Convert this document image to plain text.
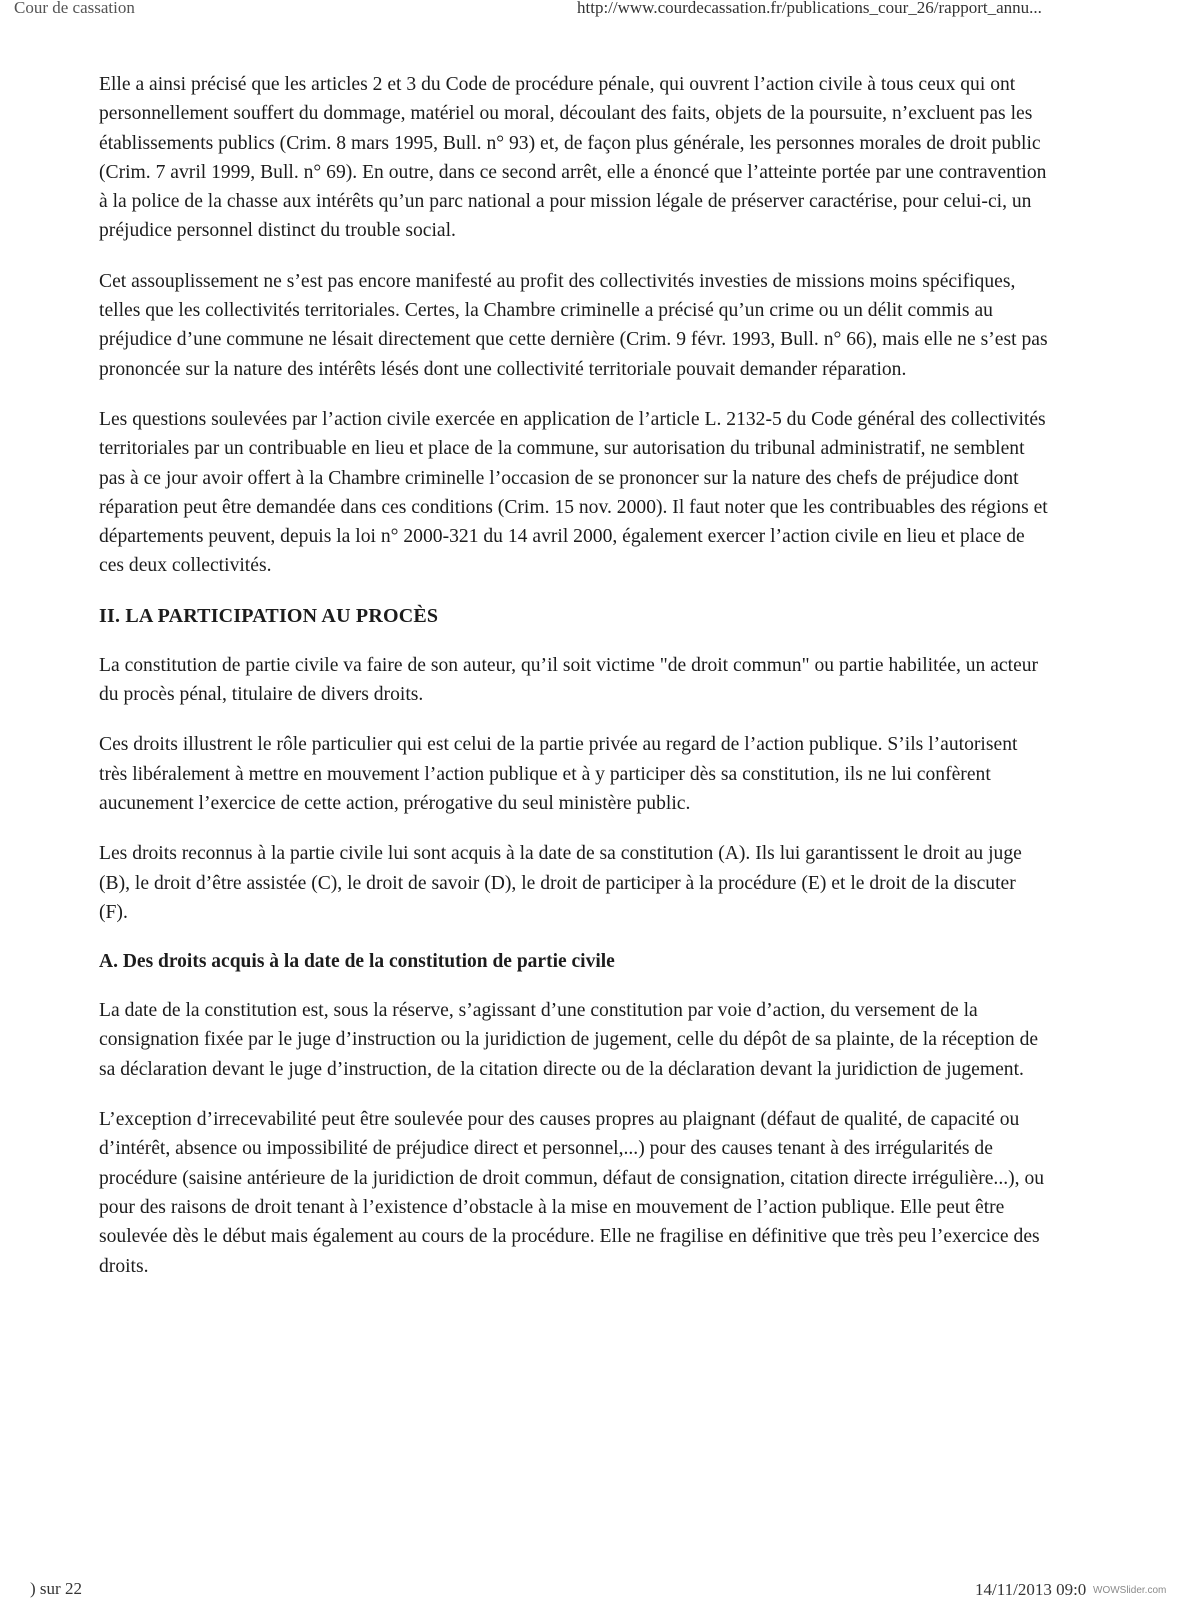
Cour de cassation	http://www.courdecassation.fr/publications_cour_26/rapport_annu...

Elle a ainsi précisé que les articles 2 et 3 du Code de procédure pénale, qui ouvrent l’action civile à tous ceux qui ont personnellement souffert du dommage, matériel ou moral, découlant des faits, objets de la poursuite, n’excluent pas les établissements publics (Crim. 8 mars 1995, Bull. n° 93) et, de façon plus générale, les personnes morales de droit public (Crim. 7 avril 1999, Bull. n° 69). En outre, dans ce second arrêt, elle a énoncé que l’atteinte portée par une contravention à la police de la chasse aux intérêts qu’un parc national a pour mission légale de préserver caractérise, pour celui-ci, un préjudice personnel distinct du trouble social.

Cet assouplissement ne s’est pas encore manifesté au profit des collectivités investies de missions moins spécifiques, telles que les collectivités territoriales. Certes, la Chambre criminelle a précisé qu’un crime ou un délit commis au préjudice d’une commune ne lésait directement que cette dernière (Crim. 9 févr. 1993, Bull. n° 66), mais elle ne s’est pas prononcée sur la nature des intérêts lésés dont une collectivité territoriale pouvait demander réparation.

Les questions soulevées par l’action civile exercée en application de l’article L. 2132-5 du Code général des collectivités territoriales par un contribuable en lieu et place de la commune, sur autorisation du tribunal administratif, ne semblent pas à ce jour avoir offert à la Chambre criminelle l’occasion de se prononcer sur la nature des chefs de préjudice dont réparation peut être demandée dans ces conditions (Crim. 15 nov. 2000). Il faut noter que les contribuables des régions et départements peuvent, depuis la loi n° 2000-321 du 14 avril 2000, également exercer l’action civile en lieu et place de ces deux collectivités.

II. LA PARTICIPATION AU PROCÈS

La constitution de partie civile va faire de son auteur, qu’il soit victime "de droit commun" ou partie habilitée, un acteur du procès pénal, titulaire de divers droits.

Ces droits illustrent le rôle particulier qui est celui de la partie privée au regard de l’action publique. S’ils l’autorisent très libéralement à mettre en mouvement l’action publique et à y participer dès sa constitution, ils ne lui confèrent aucunement l’exercice de cette action, prérogative du seul ministère public.

Les droits reconnus à la partie civile lui sont acquis à la date de sa constitution (A). Ils lui garantissent le droit au juge (B), le droit d’être assistée (C), le droit de savoir (D), le droit de participer à la procédure (E) et le droit de la discuter (F).

A. Des droits acquis à la date de la constitution de partie civile

La date de la constitution est, sous la réserve, s’agissant d’une constitution par voie d’action, du versement de la consignation fixée par le juge d’instruction ou la juridiction de jugement, celle du dépôt de sa plainte, de la réception de sa déclaration devant le juge d’instruction, de la citation directe ou de la déclaration devant la juridiction de jugement.

L’exception d’irrecevabilité peut être soulevée pour des causes propres au plaignant (défaut de qualité, de capacité ou d’intérêt, absence ou impossibilité de préjudice direct et personnel,...) pour des causes tenant à des irrégularités de procédure (saisine antérieure de la juridiction de droit commun, défaut de consignation, citation directe irrégulière...), ou pour des raisons de droit tenant à l’existence d’obstacle à la mise en mouvement de l’action publique. Elle peut être soulevée dès le début mais également au cours de la procédure. Elle ne fragilise en définitive que très peu l’exercice des droits.

) sur 22	14/11/2013 09:0 WOWSlider.com
